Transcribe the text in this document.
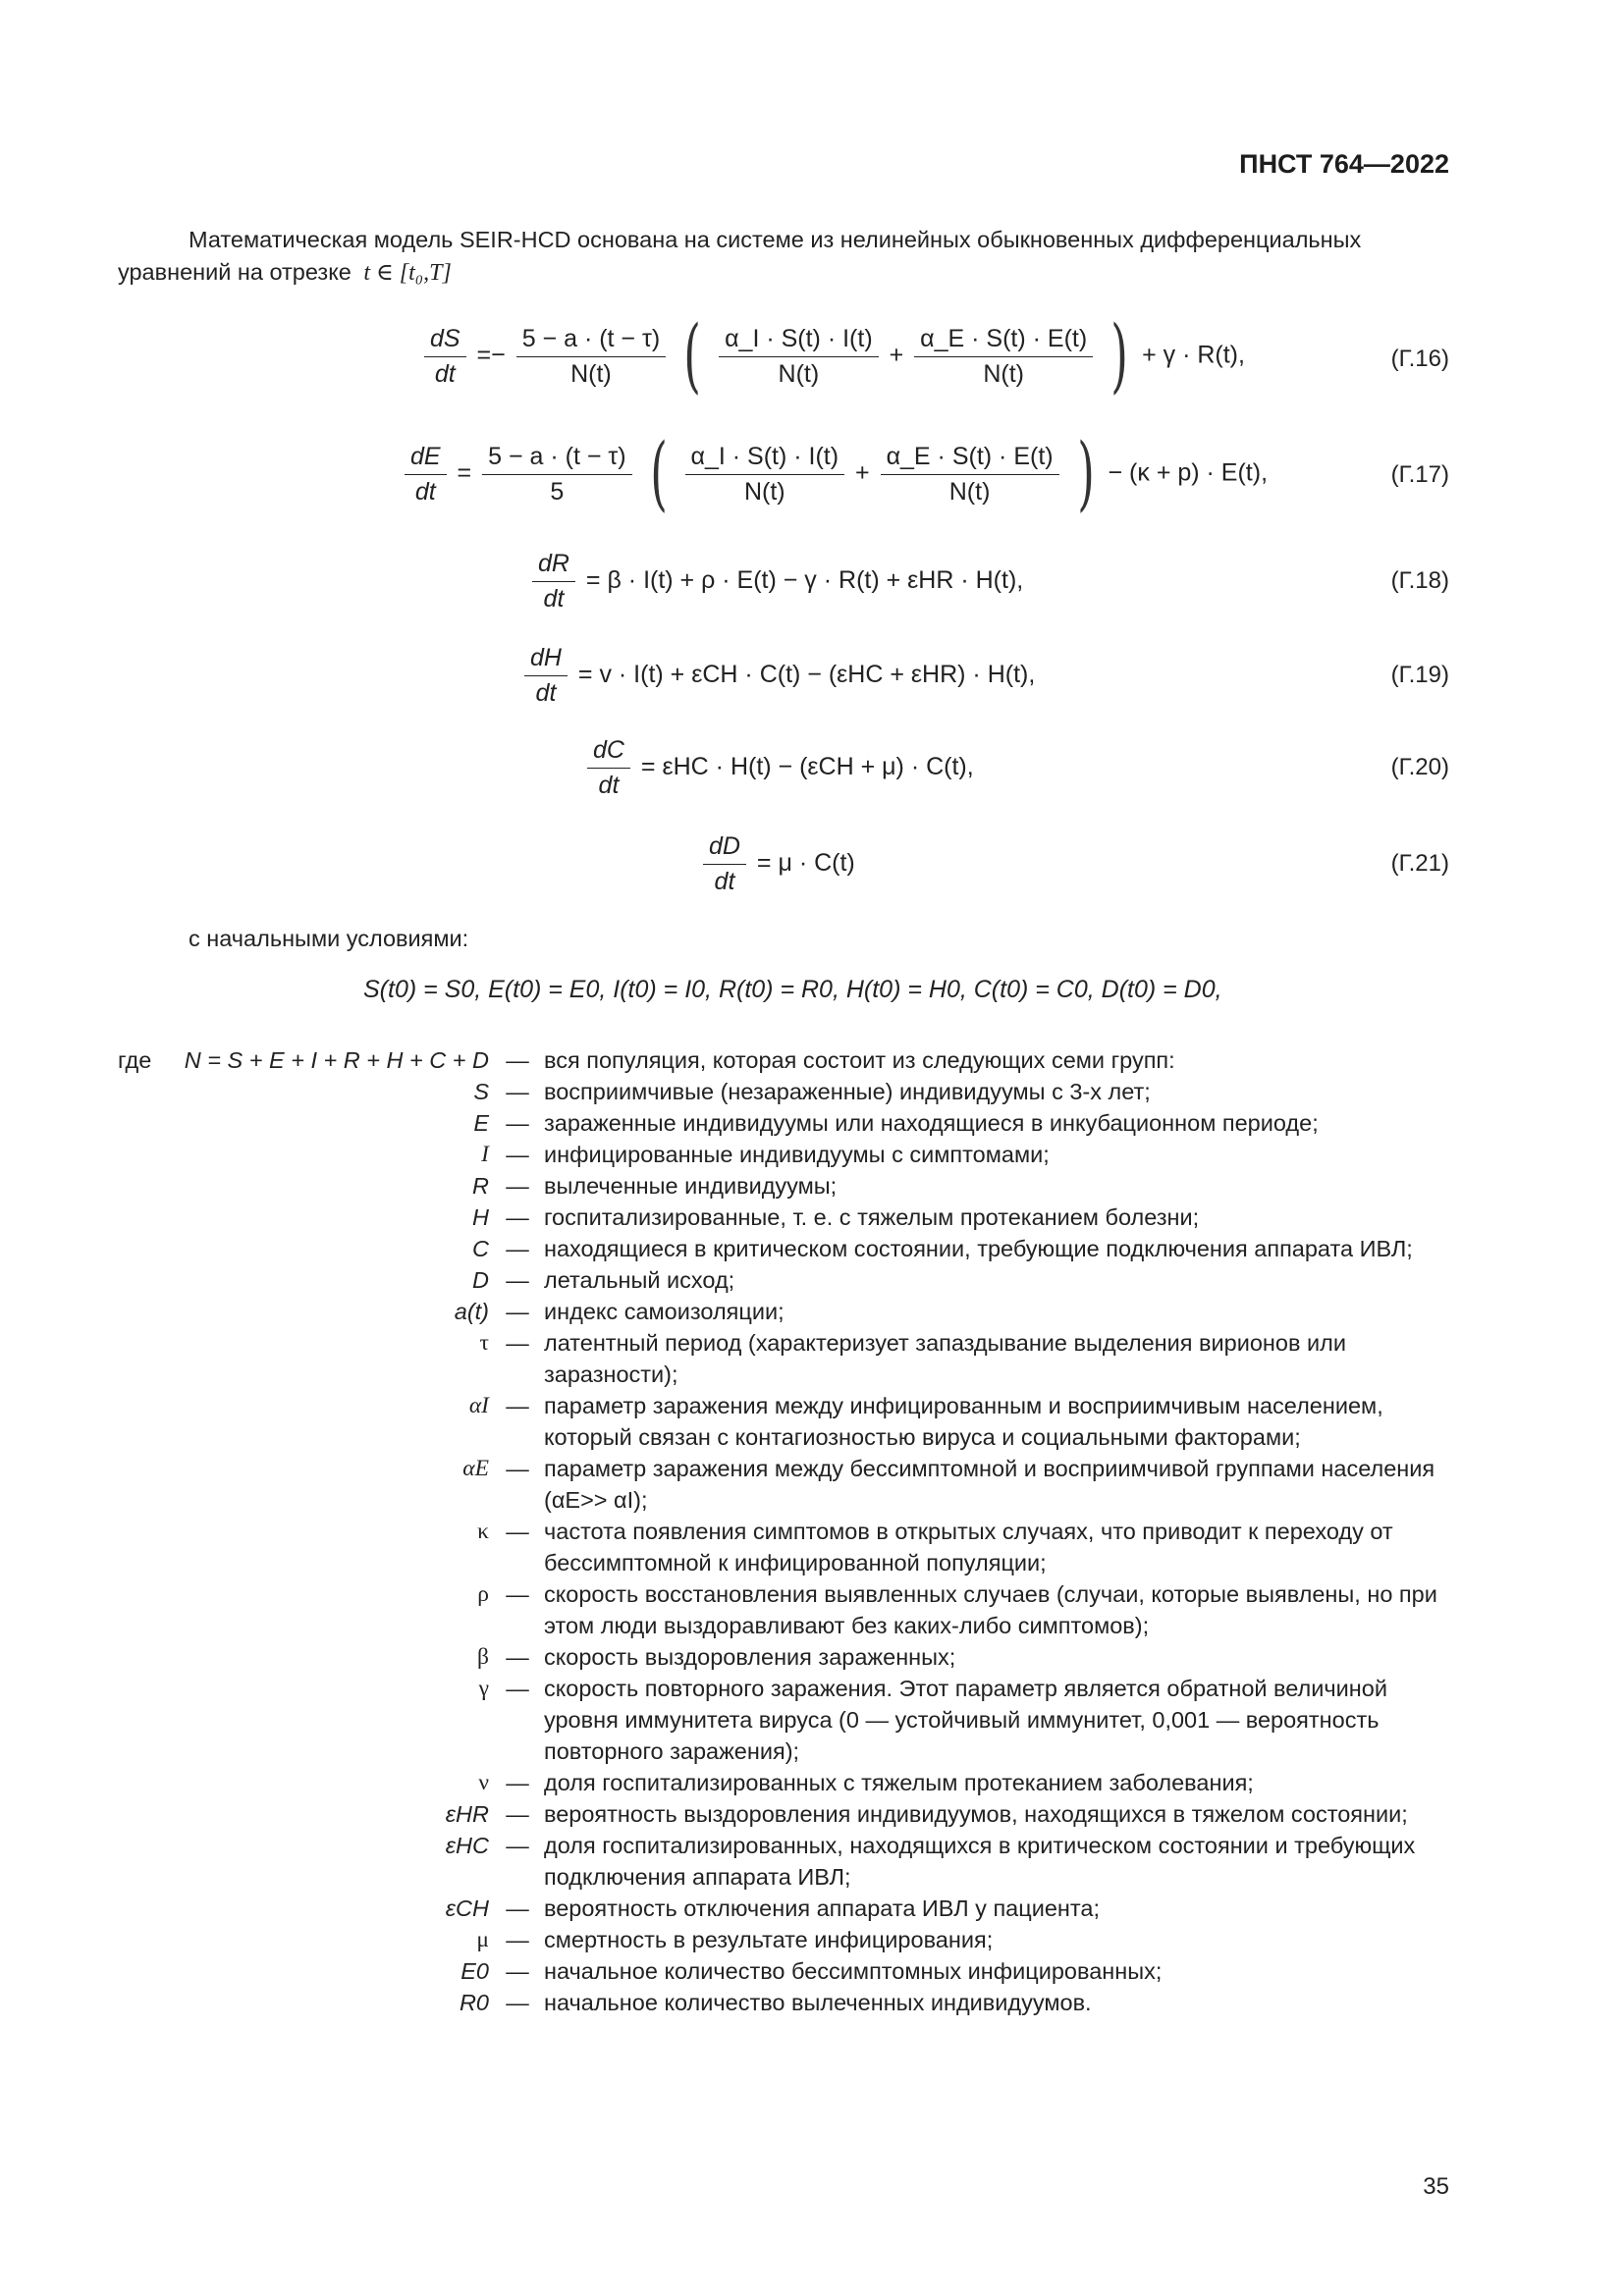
ПНСТ 764—2022
Математическая модель SEIR-HCD основана на системе из нелинейных обыкновенных дифференциальных уравнений на отрезке t ∈ [t₀,T]
$\frac{dS}{dt} =- \frac{5 - a \cdot (t - \tau)}{N(t)}$ ( $\frac{\alpha\_I \cdot S(t) \cdot I(t)}{N(t)} + \frac{\alpha\_E \cdot S(t) \cdot E(t)}{N(t)}$ ) + γ · R(t),	(Г.16)
$\frac{dE}{dt} = \frac{5 - a \cdot (t - \tau)}{5}$ ( $\frac{\alpha\_I \cdot S(t) \cdot I(t)}{N(t)} + \frac{\alpha\_E \cdot S(t) \cdot E(t)}{N(t)}$ ) − (κ + p) · E(t),	(Г.17)
$\frac{dR}{dt} = \beta \cdot I(t) + \rho \cdot E(t) - \gamma \cdot R(t) + \varepsilon HR \cdot H(t)$,	(Г.18)
$\frac{dH}{dt} = v \cdot I(t) + \varepsilon CH \cdot C(t) - (\varepsilon HC + \varepsilon HR) \cdot H(t)$,	(Г.19)
$\frac{dC}{dt} = \varepsilon HC \cdot H(t) - (\varepsilon CH + \mu) \cdot C(t)$,	(Г.20)
$\frac{dD}{dt} = \mu \cdot C(t)$	(Г.21)
с начальными условиями:
S(t0) = S0, E(t0) = E0, I(t0) = I0, R(t0) = R0, H(t0) = H0, C(t0) = C0, D(t0) = D0,
где N = S + E + I + R + H + C + D — вся популяция, которая состоит из следующих семи групп:
S — восприимчивые (незараженные) индивидуумы с 3-х лет;
E — зараженные индивидуумы или находящиеся в инкубационном периоде;
I — инфицированные индивидуумы с симптомами;
R — вылеченные индивидуумы;
H — госпитализированные, т. е. с тяжелым протеканием болезни;
C — находящиеся в критическом состоянии, требующие подключения аппарата ИВЛ;
D — летальный исход;
a(t) — индекс самоизоляции;
τ — латентный период (характеризует запаздывание выделения вирионов или заразности);
αI — параметр заражения между инфицированным и восприимчивым населением, который связан с контагиозностью вируса и социальными факторами;
αE — параметр заражения между бессимптомной и восприимчивой группами населения (αE>> αI);
κ — частота появления симптомов в открытых случаях, что приводит к переходу от бессимптомной к инфицированной популяции;
ρ — скорость восстановления выявленных случаев (случаи, которые выявлены, но при этом люди выздоравливают без каких-либо симптомов);
β — скорость выздоровления зараженных;
γ — скорость повторного заражения. Этот параметр является обратной величиной уровня иммунитета вируса (0 — устойчивый иммунитет, 0,001 — вероятность повторного заражения);
ν — доля госпитализированных с тяжелым протеканием заболевания;
εHR — вероятность выздоровления индивидуумов, находящихся в тяжелом состоянии;
εHC — доля госпитализированных, находящихся в критическом состоянии и требующих подключения аппарата ИВЛ;
εCH — вероятность отключения аппарата ИВЛ у пациента;
μ — смертность в результате инфицирования;
E0 — начальное количество бессимптомных инфицированных;
R0 — начальное количество вылеченных индивидуумов.
35
